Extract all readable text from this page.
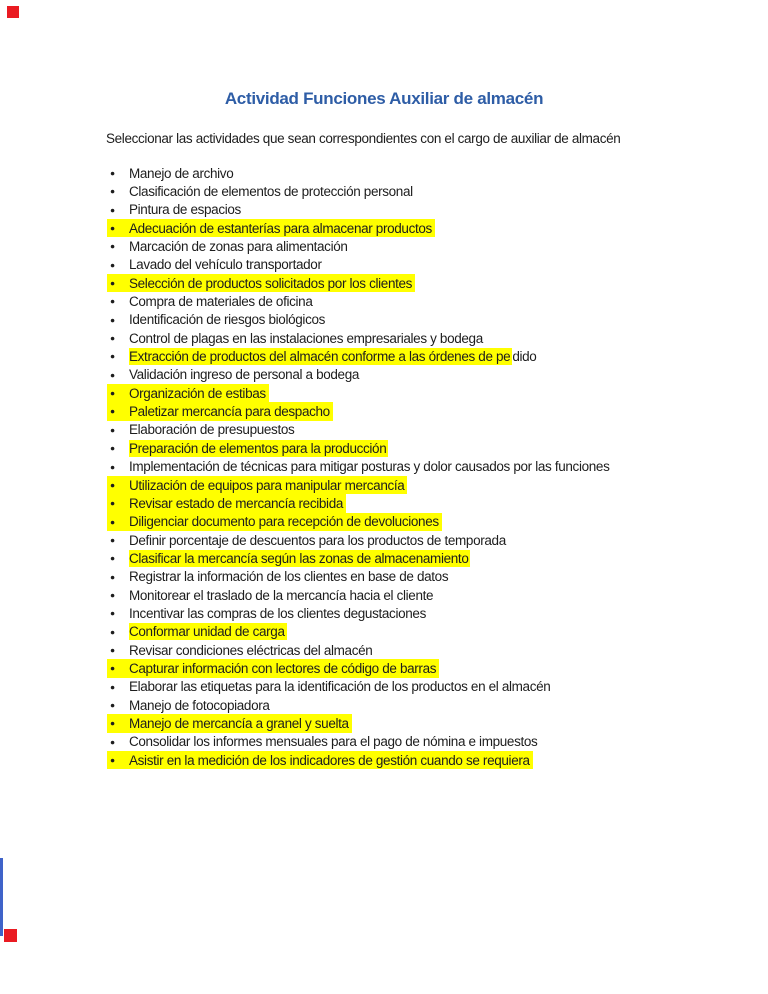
Actividad Funciones Auxiliar de almacén

Seleccionar las actividades que sean correspondientes con el cargo de auxiliar de almacén

●	Manejo de archivo
●	Clasificación de elementos de protección personal
●	Pintura de espacios
●	Adecuación de estanterías para almacenar productos
●	Marcación de zonas para alimentación
●	Lavado del vehículo transportador
●	Selección de productos solicitados por los clientes
●	Compra de materiales de oficina
●	Identificación de riesgos biológicos
●	Control de plagas en las instalaciones empresariales y bodega
●	Extracción de productos del almacén conforme a las órdenes de pe dido
●	Validación ingreso de personal a bodega
●	Organización de estibas
●	Paletizar mercancía para despacho
●	Elaboración de presupuestos
●	Preparación de elementos para la producción
●	Implementación de técnicas para mitigar posturas y dolor causados por las funciones
●	Utilización de equipos para manipular mercancía
●	Revisar estado de mercancía recibida
●	Diligenciar documento para recepción de devoluciones
●	Definir porcentaje de descuentos para los productos de temporada
●	Clasificar la mercancía según las zonas de almacenamiento
●	Registrar la información de los clientes en base de datos
●	Monitorear el traslado de la mercancía hacia el cliente
●	Incentivar las compras de los clientes degustaciones
●	Conformar unidad de carga
●	Revisar condiciones eléctricas del almacén
●	Capturar información con lectores de código de barras
●	Elaborar las etiquetas para la identificación de los productos en el almacén
●	Manejo de fotocopiadora
●	Manejo de mercancía a granel y suelta
●	Consolidar los informes mensuales para el pago de nómina e impuestos
●	Asistir en la medición de los indicadores de gestión cuando se requiera
